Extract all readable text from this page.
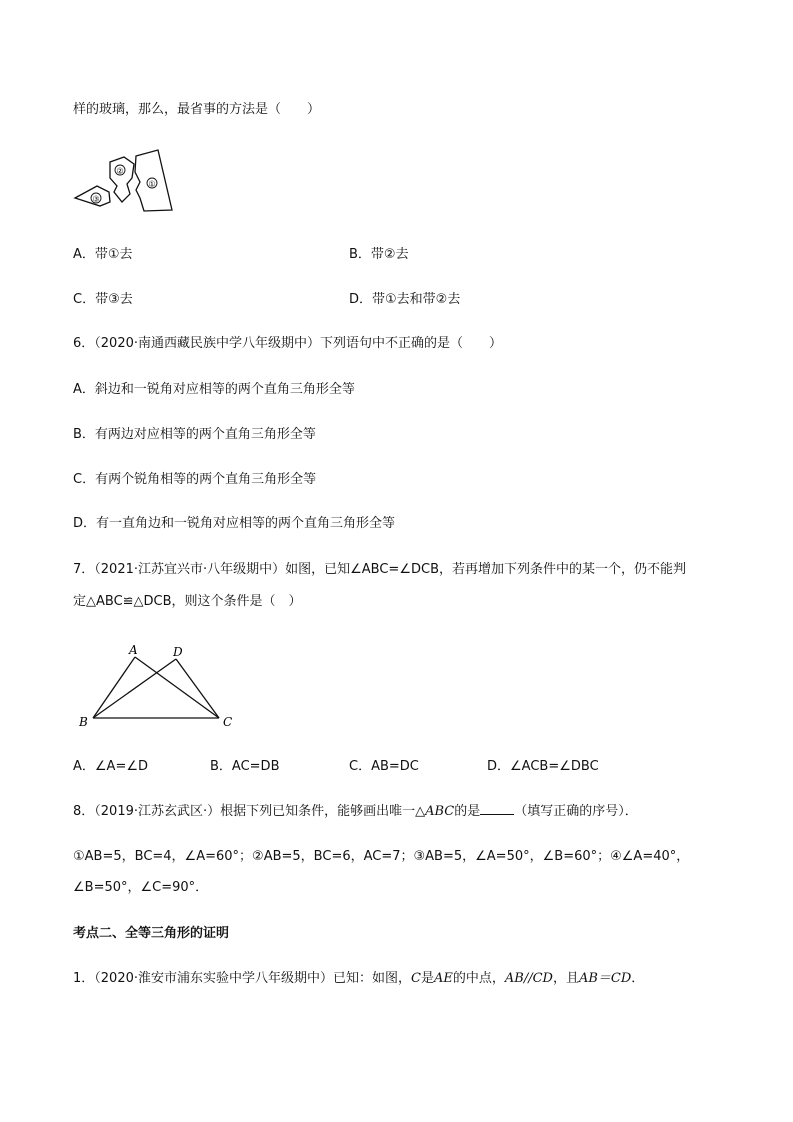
样的玻璃，那么，最省事的方法是（　　）
①
②
③
A．带①去	B．带②去
C．带③去	D．带①去和带②去
6．（2020·南通西藏民族中学八年级期中）下列语句中不正确的是（　　）
A．斜边和一锐角对应相等的两个直角三角形全等
B．有两边对应相等的两个直角三角形全等
C．有两个锐角相等的两个直角三角形全等
D．有一直角边和一锐角对应相等的两个直角三角形全等
7．（2021·江苏宜兴市·八年级期中）如图，已知∠ABC=∠DCB，若再增加下列条件中的某一个，仍不能判
定△ABC≌△DCB，则这个条件是（　）
A	D
B	C
A．∠A=∠D	B．AC=DB	C．AB=DC	D．∠ACB=∠DBC
8．（2019·江苏玄武区·）根据下列已知条件，能够画出唯一△ABC的是	（填写正确的序号）．
①AB=5，BC=4，∠A=60°；②AB=5，BC=6，AC=7；③AB=5，∠A=50°，∠B=60°；④∠A=40°，
∠B=50°，∠C=90°．
考点二、全等三角形的证明
1．（2020·淮安市浦东实验中学八年级期中）已知：如图，C是AE的中点，AB//CD，且AB＝CD．
